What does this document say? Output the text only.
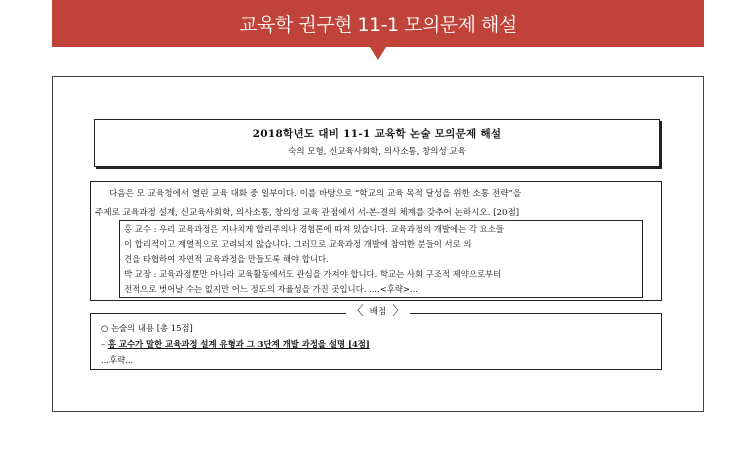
교육학 권구현 11-1 모의문제 해설
2018학년도 대비 11-1 교육학 논술 모의문제 해설
숙의 모형, 신교육사회학, 의사소통, 창의성 교육
다음은 모 교육청에서 열린 교육 대화 중 일부이다. 이를 바탕으로 “학교의 교육 목적 달성을 위한 소통 전략”을
주제로 교육과정 설계, 신교육사회학, 의사소통, 창의성 교육 관점에서 서-본-결의 체계를 갖추어 논하시오. [20점]
홍 교수 : 우리 교육과정은 지나치게 합리주의나 경험론에 따져 있습니다. 교육과정의 개발에는 각 요소들
이 합리적이고 계열적으로 고려되지 않습니다. 그러므로 교육과정 개발에 참여한 분들이 서로 의
견을 타협하여 자연적 교육과정을 만들도록 해야 합니다.
박 교장 : 교육과정뿐만 아니라 교육활동에서도 관심을 가져야 합니다. 학교는 사회 구조적 제약으로부터
전적으로 벗어날 수는 없지만 어느 정도의 자율성을 가진 곳입니다. ....<후략>...
○ 논술의 내용 [총 15점]
– 홍 교수가 말한 교육과정 설계 유형과 그 3단계 개발 과정을 설명 [4점]
...후략...
〈 배점 〉
